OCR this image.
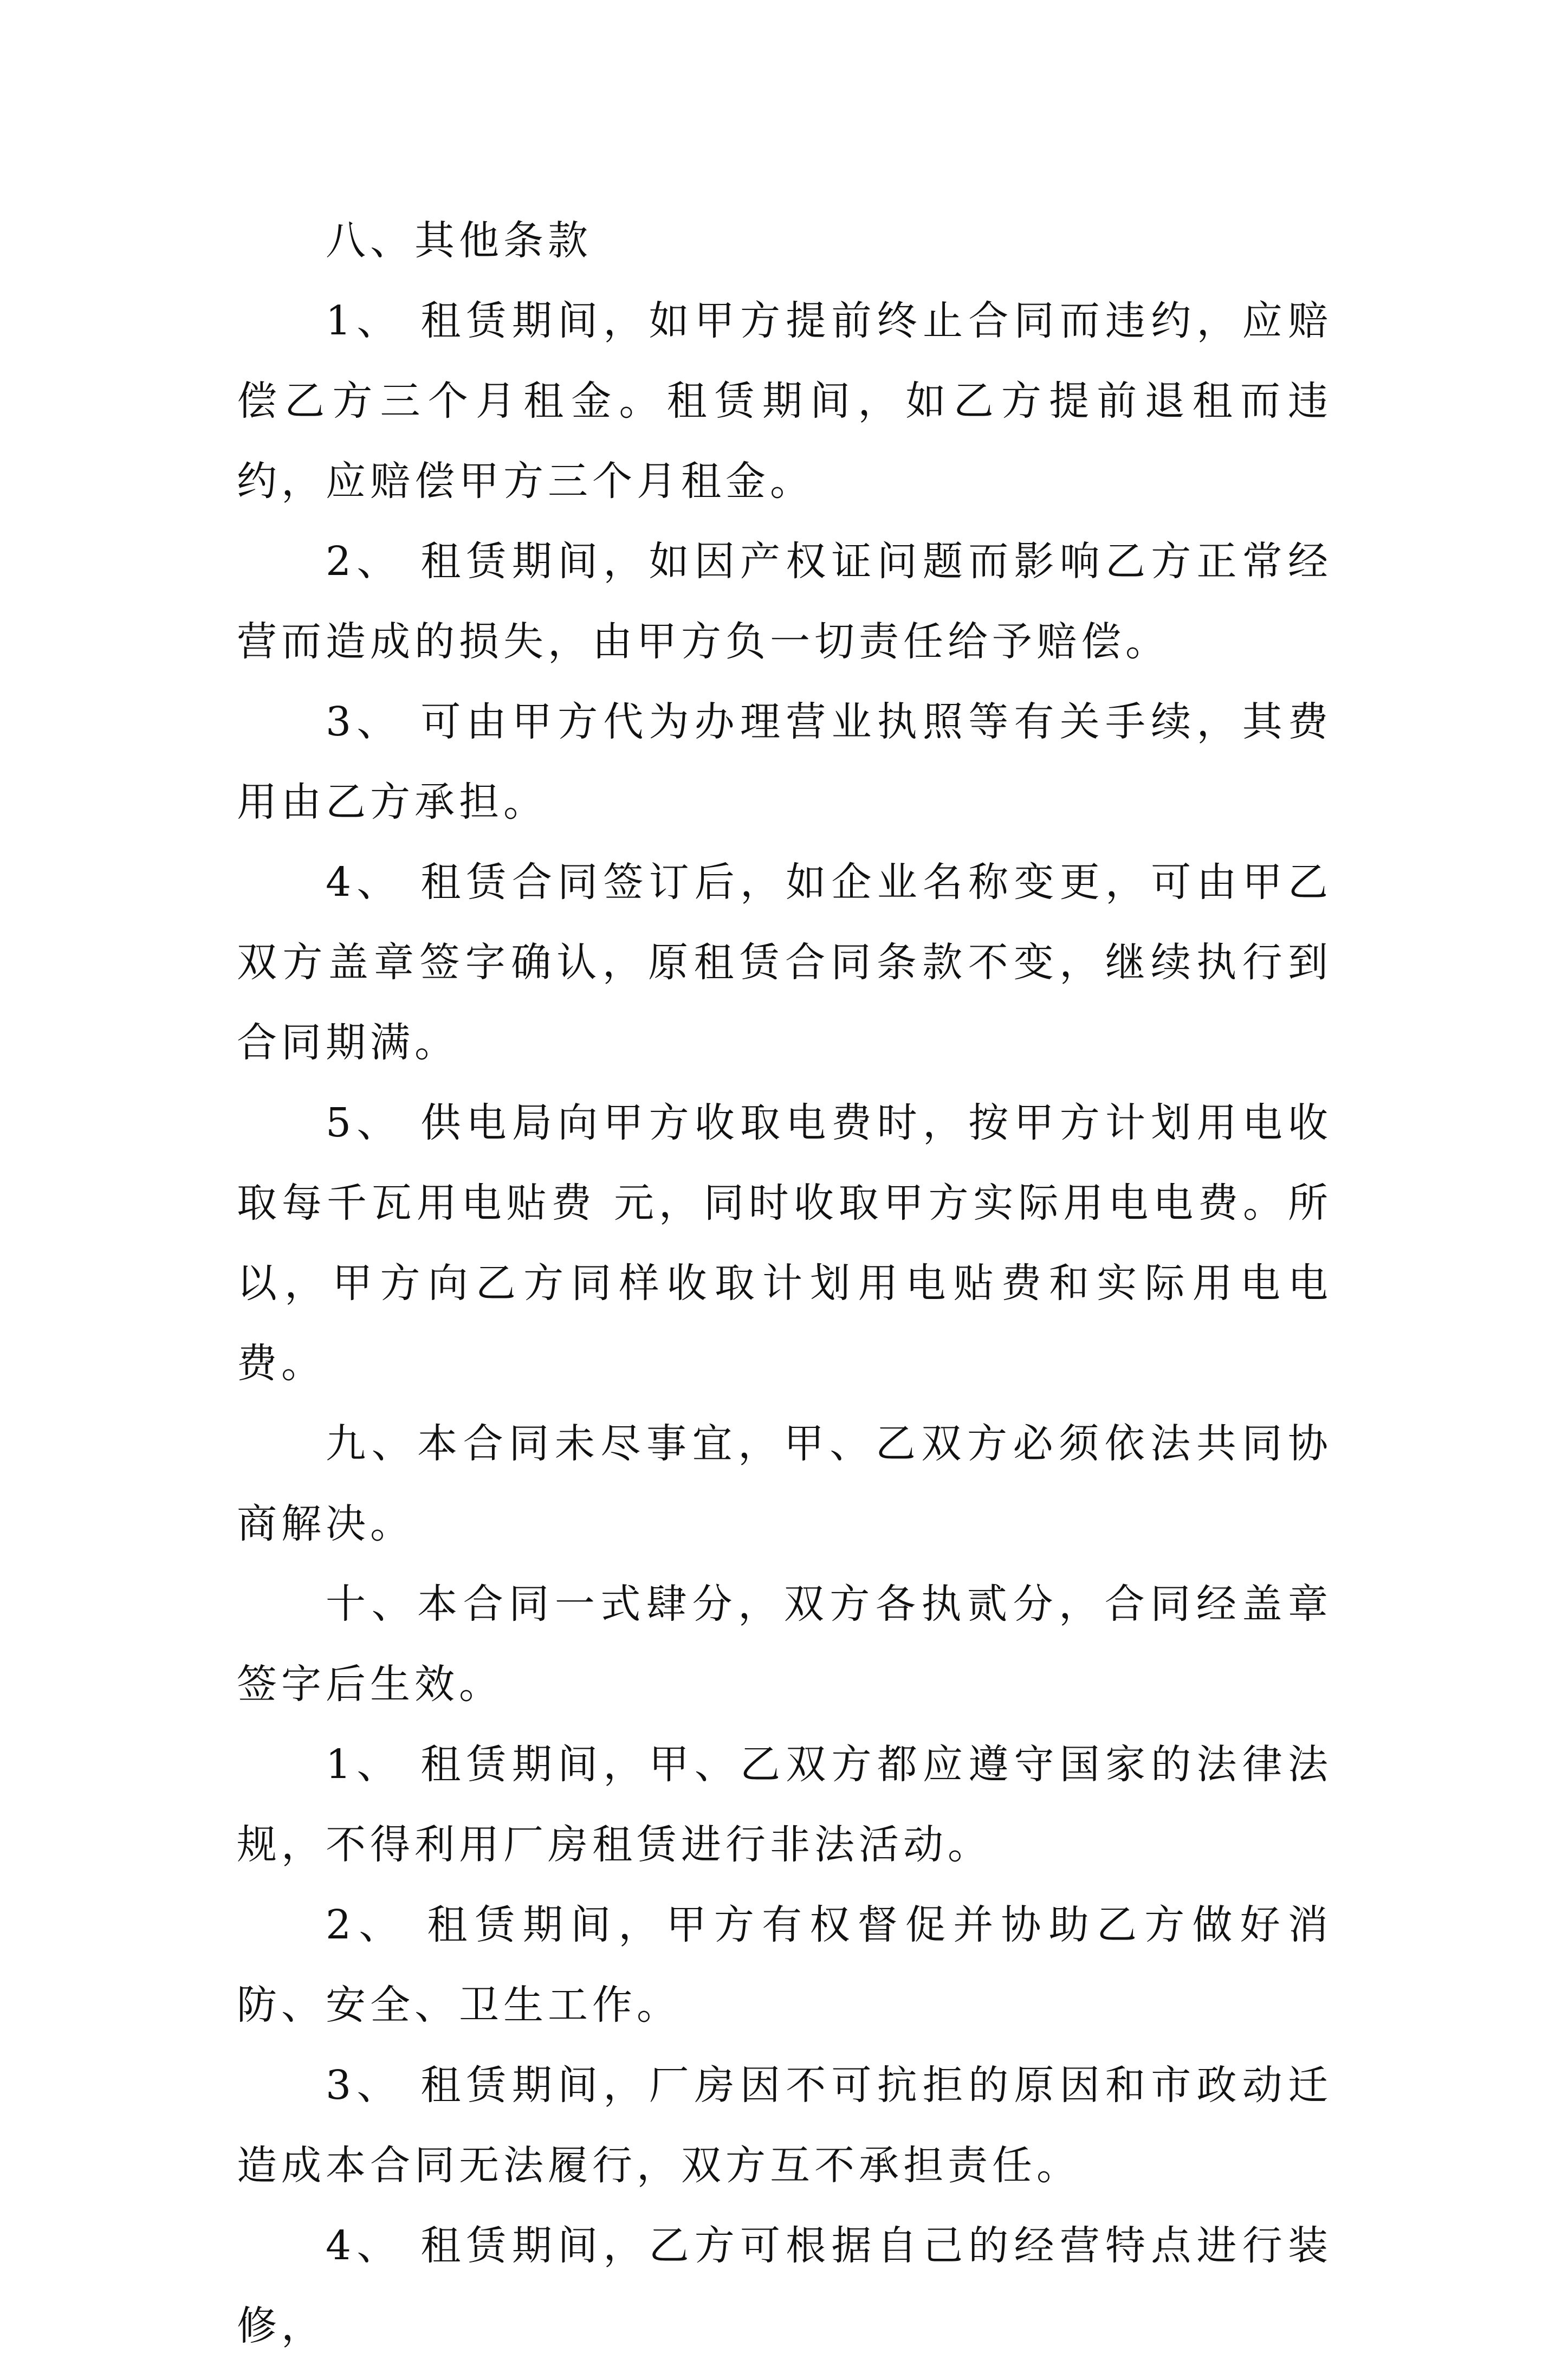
八、其他条款

1、 租赁期间，如甲方提前终止合同而违约，应赔偿乙方三个月租金。租赁期间，如乙方提前退租而违约，应赔偿甲方三个月租金。

2、 租赁期间，如因产权证问题而影响乙方正常经营而造成的损失，由甲方负一切责任给予赔偿。

3、 可由甲方代为办理营业执照等有关手续，其费用由乙方承担。

4、 租赁合同签订后，如企业名称变更，可由甲乙双方盖章签字确认，原租赁合同条款不变，继续执行到合同期满。

5、 供电局向甲方收取电费时，按甲方计划用电收取每千瓦用电贴费 元，同时收取甲方实际用电电费。所以，甲方向乙方同样收取计划用电贴费和实际用电电费。

九、本合同未尽事宜，甲、乙双方必须依法共同协商解决。

十、本合同一式肆分，双方各执贰分，合同经盖章签字后生效。

1、 租赁期间，甲、乙双方都应遵守国家的法律法规，不得利用厂房租赁进行非法活动。

2、 租赁期间，甲方有权督促并协助乙方做好消防、安全、卫生工作。

3、 租赁期间，厂房因不可抗拒的原因和市政动迁造成本合同无法履行，双方互不承担责任。

4、 租赁期间，乙方可根据自己的经营特点进行装修，
